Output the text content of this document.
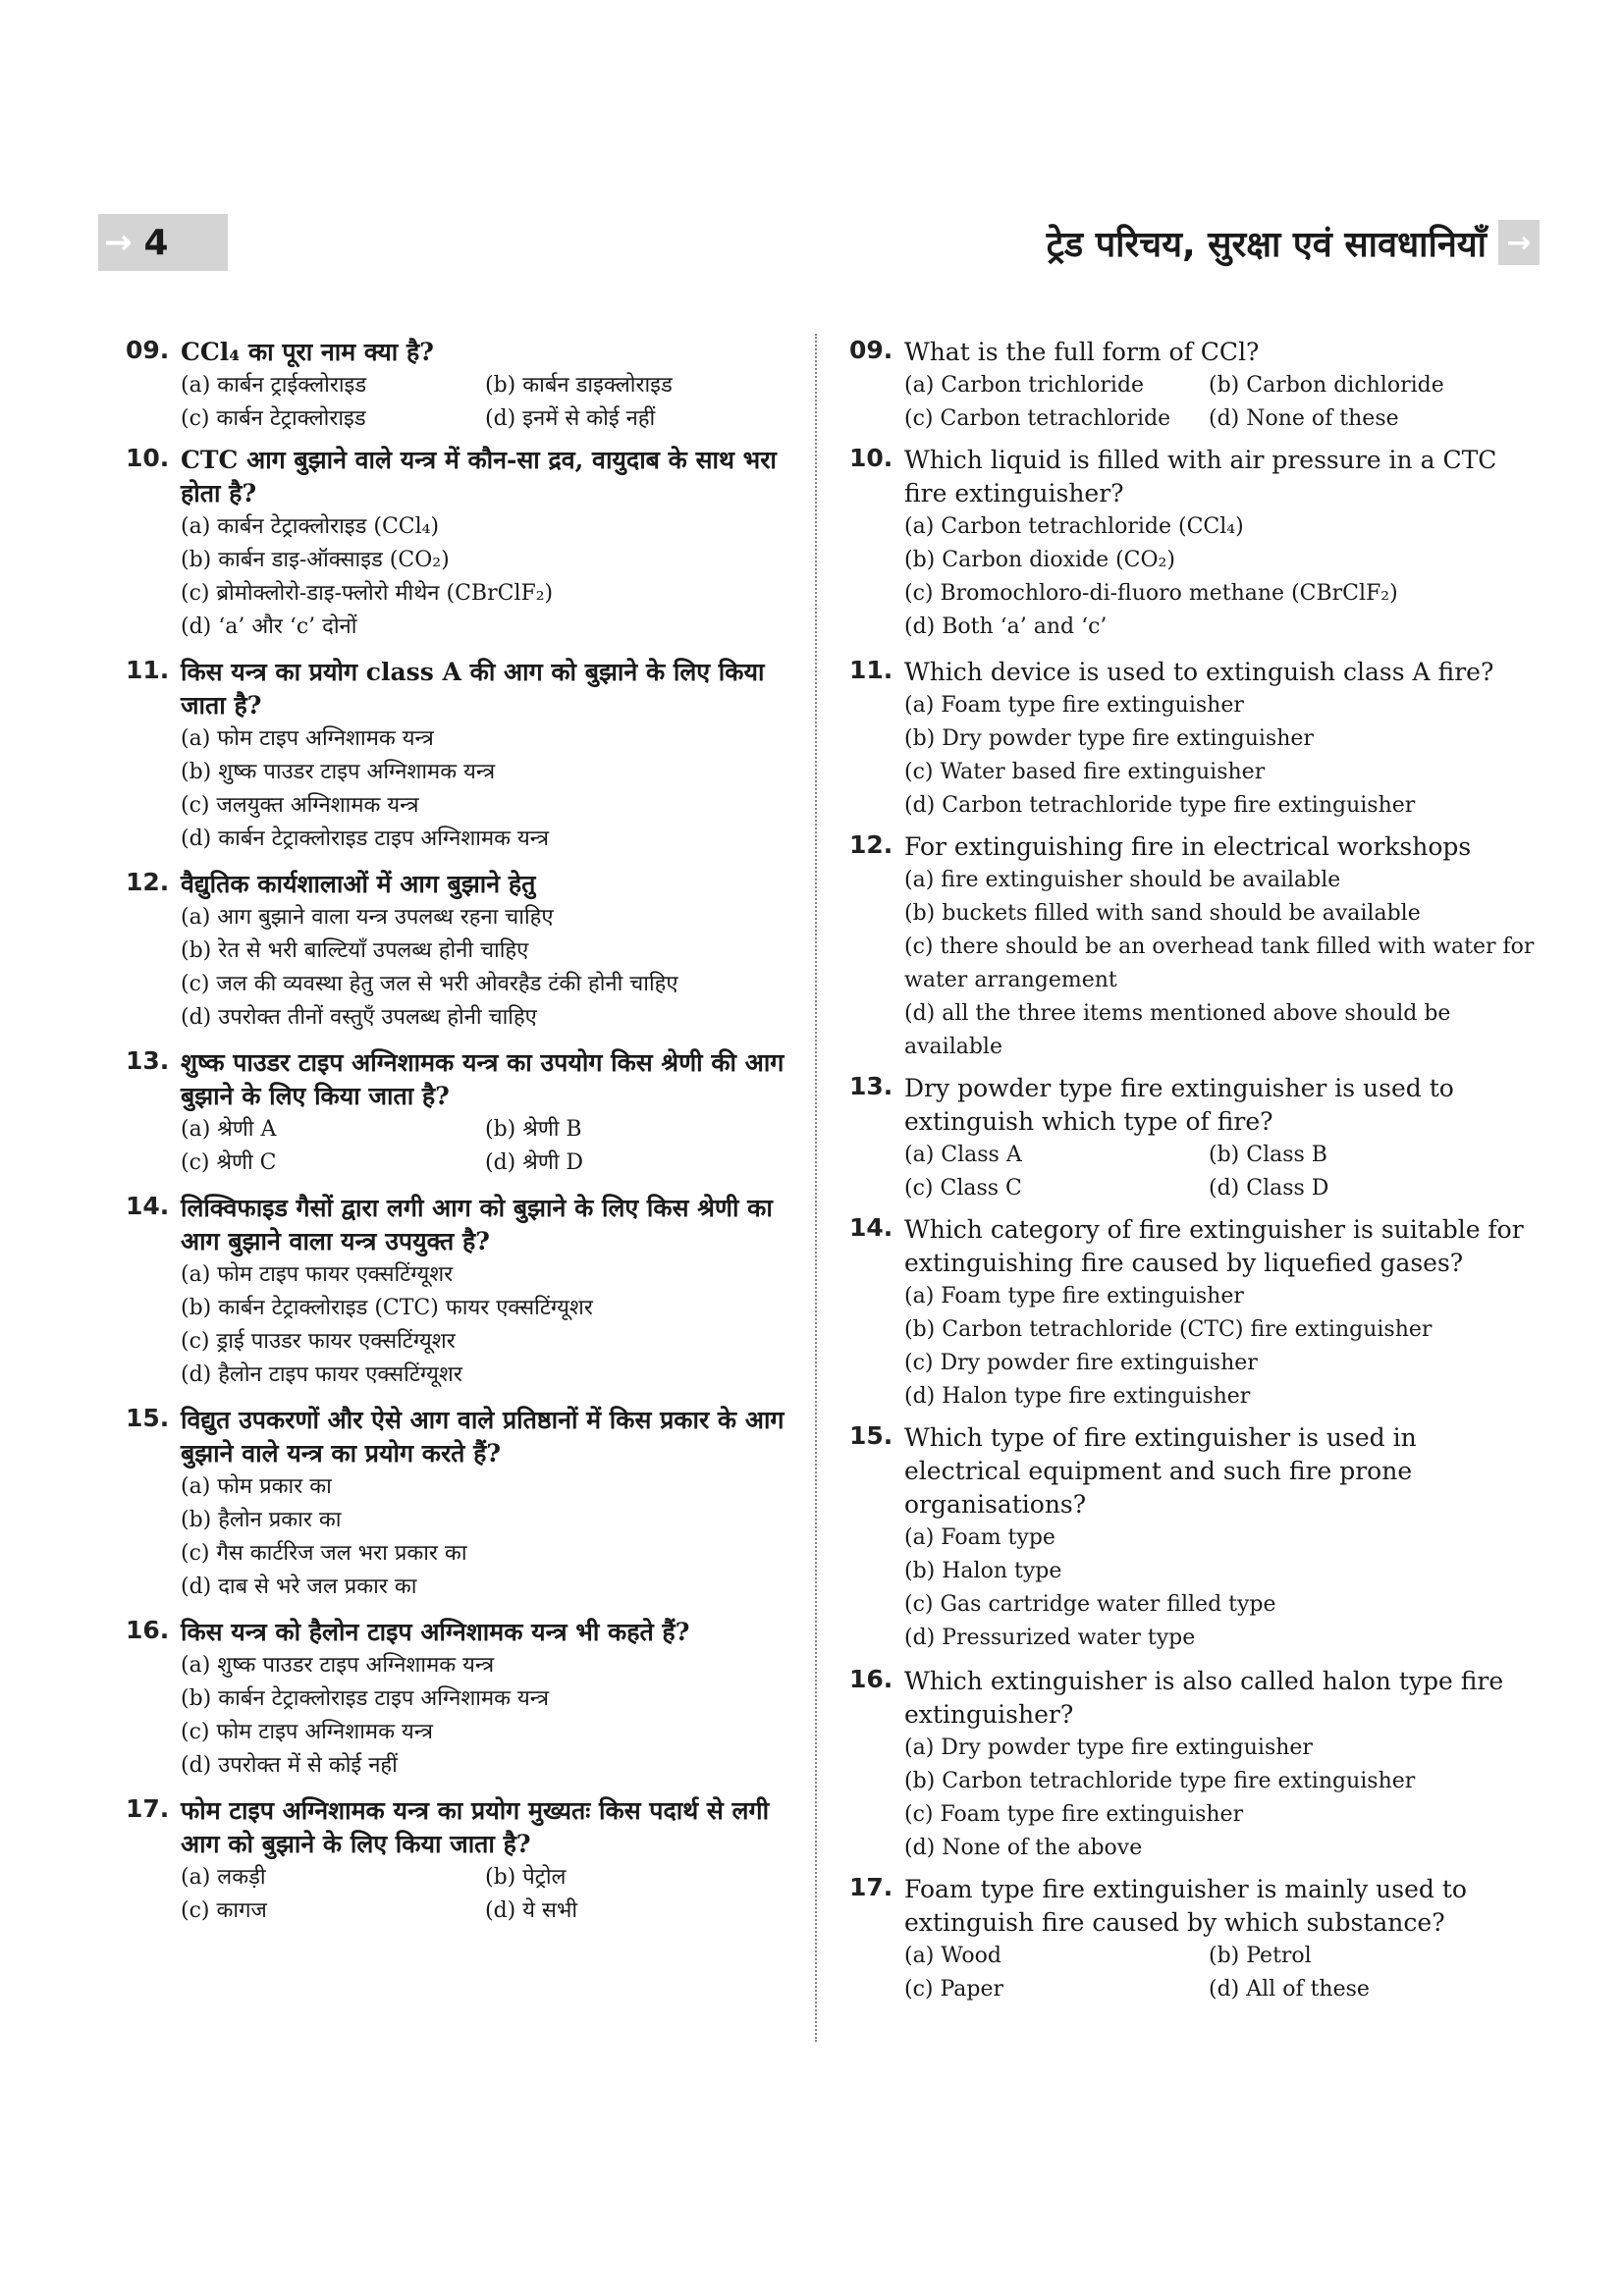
→ 4	ट्रेड परिचय, सुरक्षा एवं सावधानियाँ →
09. CCl₄ का पूरा नाम क्या है?
(a) कार्बन ट्राईक्लोराइड	(b) कार्बन डाइक्लोराइड
(c) कार्बन टेट्राक्लोराइड	(d) इनमें से कोई नहीं
10. CTC आग बुझाने वाले यन्त्र में कौन-सा द्रव, वायुदाब के साथ भरा होता है?
(a) कार्बन टेट्राक्लोराइड (CCl₄)
(b) कार्बन डाइ-ऑक्साइड (CO₂)
(c) ब्रोमोक्लोरो-डाइ-फ्लोरो मीथेन (CBrClF₂)
(d) ‘a’ और ‘c’ दोनों
11. किस यन्त्र का प्रयोग class A की आग को बुझाने के लिए किया जाता है?
(a) फोम टाइप अग्निशामक यन्त्र
(b) शुष्क पाउडर टाइप अग्निशामक यन्त्र
(c) जलयुक्त अग्निशामक यन्त्र
(d) कार्बन टेट्राक्लोराइड टाइप अग्निशामक यन्त्र
12. वैद्युतिक कार्यशालाओं में आग बुझाने हेतु
(a) आग बुझाने वाला यन्त्र उपलब्ध रहना चाहिए
(b) रेत से भरी बाल्टियाँ उपलब्ध होनी चाहिए
(c) जल की व्यवस्था हेतु जल से भरी ओवरहैड टंकी होनी चाहिए
(d) उपरोक्त तीनों वस्तुएँ उपलब्ध होनी चाहिए
13. शुष्क पाउडर टाइप अग्निशामक यन्त्र का उपयोग किस श्रेणी की आग बुझाने के लिए किया जाता है?
(a) श्रेणी A	(b) श्रेणी B
(c) श्रेणी C	(d) श्रेणी D
14. लिक्विफाइड गैसों द्वारा लगी आग को बुझाने के लिए किस श्रेणी का आग बुझाने वाला यन्त्र उपयुक्त है?
(a) फोम टाइप फायर एक्सटिंग्यूशर
(b) कार्बन टेट्राक्लोराइड (CTC) फायर एक्सटिंग्यूशर
(c) ड्राई पाउडर फायर एक्सटिंग्यूशर
(d) हैलोन टाइप फायर एक्सटिंग्यूशर
15. विद्युत उपकरणों और ऐसे आग वाले प्रतिष्ठानों में किस प्रकार के आग बुझाने वाले यन्त्र का प्रयोग करते हैं?
(a) फोम प्रकार का
(b) हैलोन प्रकार का
(c) गैस कार्टरिज जल भरा प्रकार का
(d) दाब से भरे जल प्रकार का
16. किस यन्त्र को हैलोन टाइप अग्निशामक यन्त्र भी कहते हैं?
(a) शुष्क पाउडर टाइप अग्निशामक यन्त्र
(b) कार्बन टेट्राक्लोराइड टाइप अग्निशामक यन्त्र
(c) फोम टाइप अग्निशामक यन्त्र
(d) उपरोक्त में से कोई नहीं
17. फोम टाइप अग्निशामक यन्त्र का प्रयोग मुख्यतः किस पदार्थ से लगी आग को बुझाने के लिए किया जाता है?
(a) लकड़ी	(b) पेट्रोल
(c) कागज	(d) ये सभी
09. What is the full form of CCl?
(a) Carbon trichloride	(b) Carbon dichloride
(c) Carbon tetrachloride	(d) None of these
10. Which liquid is filled with air pressure in a CTC fire extinguisher?
(a) Carbon tetrachloride (CCl₄)
(b) Carbon dioxide (CO₂)
(c) Bromochloro-di-fluoro methane (CBrClF₂)
(d) Both ‘a’ and ‘c’
11. Which device is used to extinguish class A fire?
(a) Foam type fire extinguisher
(b) Dry powder type fire extinguisher
(c) Water based fire extinguisher
(d) Carbon tetrachloride type fire extinguisher
12. For extinguishing fire in electrical workshops
(a) fire extinguisher should be available
(b) buckets filled with sand should be available
(c) there should be an overhead tank filled with water for water arrangement
(d) all the three items mentioned above should be available
13. Dry powder type fire extinguisher is used to extinguish which type of fire?
(a) Class A	(b) Class B
(c) Class C	(d) Class D
14. Which category of fire extinguisher is suitable for extinguishing fire caused by liquefied gases?
(a) Foam type fire extinguisher
(b) Carbon tetrachloride (CTC) fire extinguisher
(c) Dry powder fire extinguisher
(d) Halon type fire extinguisher
15. Which type of fire extinguisher is used in electrical equipment and such fire prone organisations?
(a) Foam type
(b) Halon type
(c) Gas cartridge water filled type
(d) Pressurized water type
16. Which extinguisher is also called halon type fire extinguisher?
(a) Dry powder type fire extinguisher
(b) Carbon tetrachloride type fire extinguisher
(c) Foam type fire extinguisher
(d) None of the above
17. Foam type fire extinguisher is mainly used to extinguish fire caused by which substance?
(a) Wood	(b) Petrol
(c) Paper	(d) All of these
